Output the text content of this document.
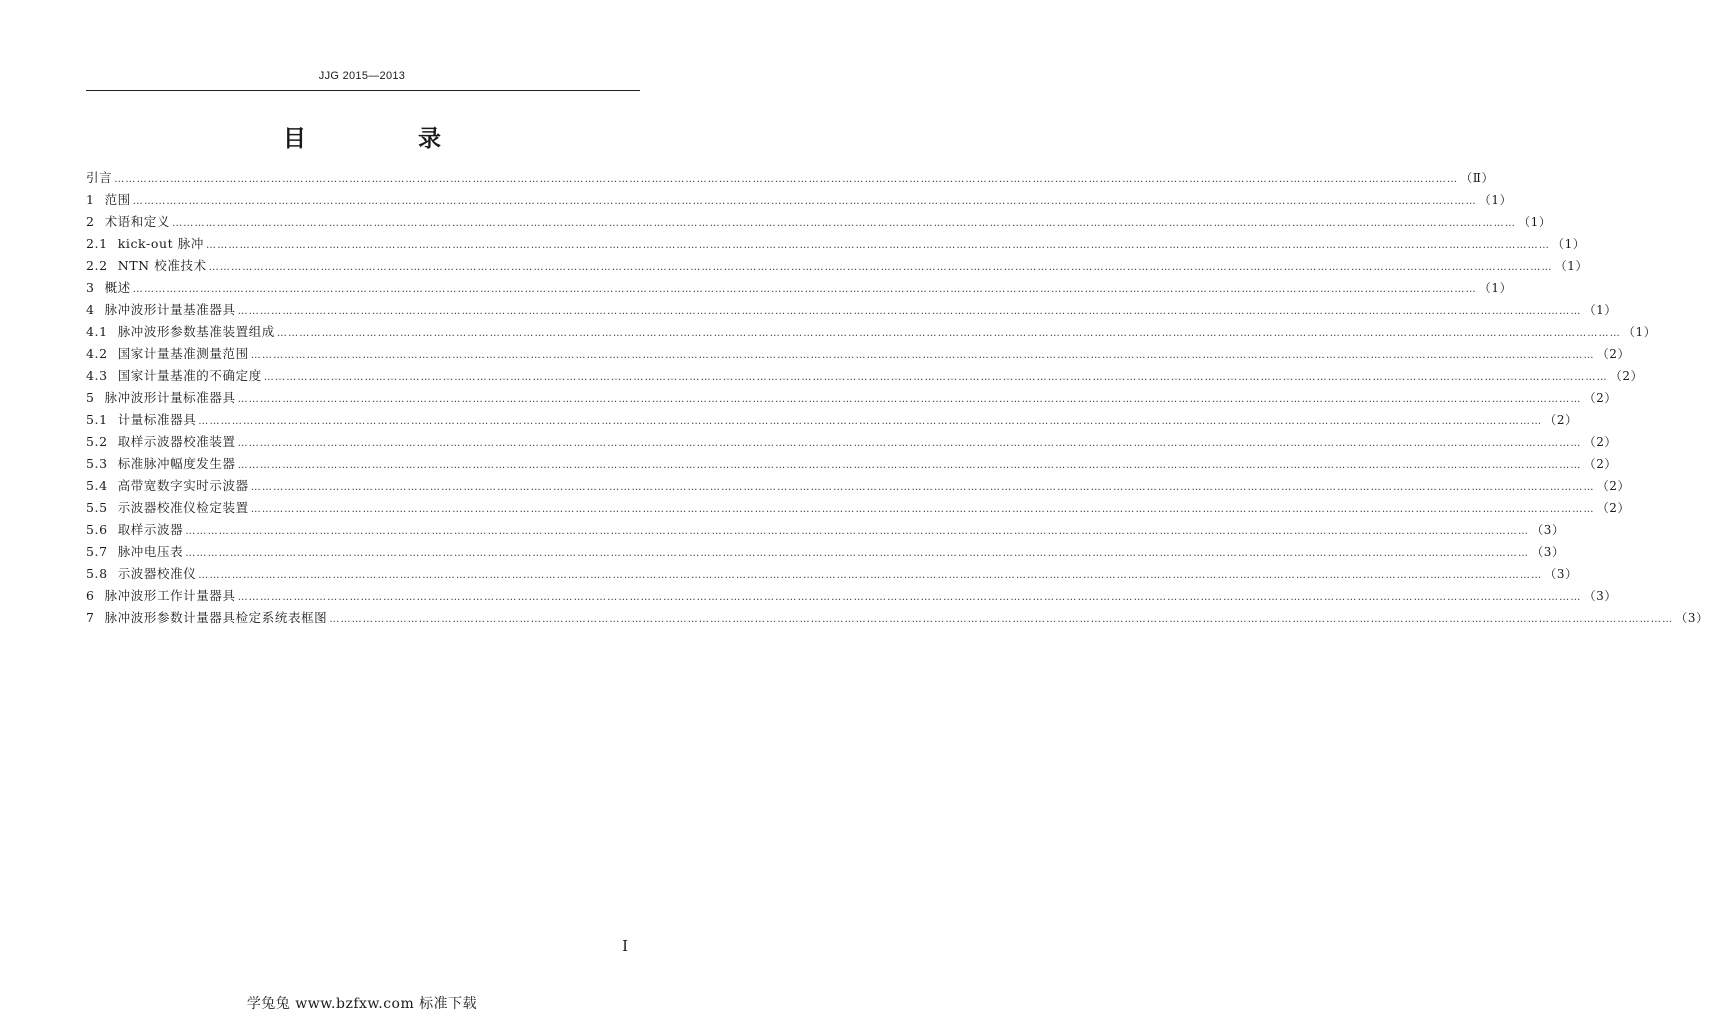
JJG 2015—2013
目 录
引言 ……………………………………………………………………………………………………………………………………………………………………………………………………………………………………………………………………………………………………………………………… （Ⅱ）
1 范围 ……………………………………………………………………………………………………………………………………………………………………………………………………………………………………………………………………………………………………………………………… （1）
2 术语和定义 ……………………………………………………………………………………………………………………………………………………………………………………………………………………………………………………………………………………………………………………………… （1）
2.1 kick-out 脉冲 ……………………………………………………………………………………………………………………………………………………………………………………………………………………………………………………………………………………………………………………………… （1）
2.2 NTN 校准技术 ……………………………………………………………………………………………………………………………………………………………………………………………………………………………………………………………………………………………………………………………… （1）
3 概述 ……………………………………………………………………………………………………………………………………………………………………………………………………………………………………………………………………………………………………………………………… （1）
4 脉冲波形计量基准器具 ……………………………………………………………………………………………………………………………………………………………………………………………………………………………………………………………………………………………………………………………… （1）
4.1 脉冲波形参数基准装置组成 ……………………………………………………………………………………………………………………………………………………………………………………………………………………………………………………………………………………………………………………………… （1）
4.2 国家计量基准测量范围 ……………………………………………………………………………………………………………………………………………………………………………………………………………………………………………………………………………………………………………………………… （2）
4.3 国家计量基准的不确定度 ……………………………………………………………………………………………………………………………………………………………………………………………………………………………………………………………………………………………………………………………… （2）
5 脉冲波形计量标准器具 ……………………………………………………………………………………………………………………………………………………………………………………………………………………………………………………………………………………………………………………………… （2）
5.1 计量标准器具 ……………………………………………………………………………………………………………………………………………………………………………………………………………………………………………………………………………………………………………………………… （2）
5.2 取样示波器校准装置 ……………………………………………………………………………………………………………………………………………………………………………………………………………………………………………………………………………………………………………………………… （2）
5.3 标准脉冲幅度发生器 ……………………………………………………………………………………………………………………………………………………………………………………………………………………………………………………………………………………………………………………………… （2）
5.4 高带宽数字实时示波器 ……………………………………………………………………………………………………………………………………………………………………………………………………………………………………………………………………………………………………………………………… （2）
5.5 示波器校准仪检定装置 ……………………………………………………………………………………………………………………………………………………………………………………………………………………………………………………………………………………………………………………………… （2）
5.6 取样示波器 ……………………………………………………………………………………………………………………………………………………………………………………………………………………………………………………………………………………………………………………………… （3）
5.7 脉冲电压表 ……………………………………………………………………………………………………………………………………………………………………………………………………………………………………………………………………………………………………………………………… （3）
5.8 示波器校准仪 ……………………………………………………………………………………………………………………………………………………………………………………………………………………………………………………………………………………………………………………………… （3）
6 脉冲波形工作计量器具 ……………………………………………………………………………………………………………………………………………………………………………………………………………………………………………………………………………………………………………………………… （3）
7 脉冲波形参数计量器具检定系统表框图 ……………………………………………………………………………………………………………………………………………………………………………………………………………………………………………………………………………………………………………………………… （3）
Ⅰ
学兔兔 www.bzfxw.com 标准下载
